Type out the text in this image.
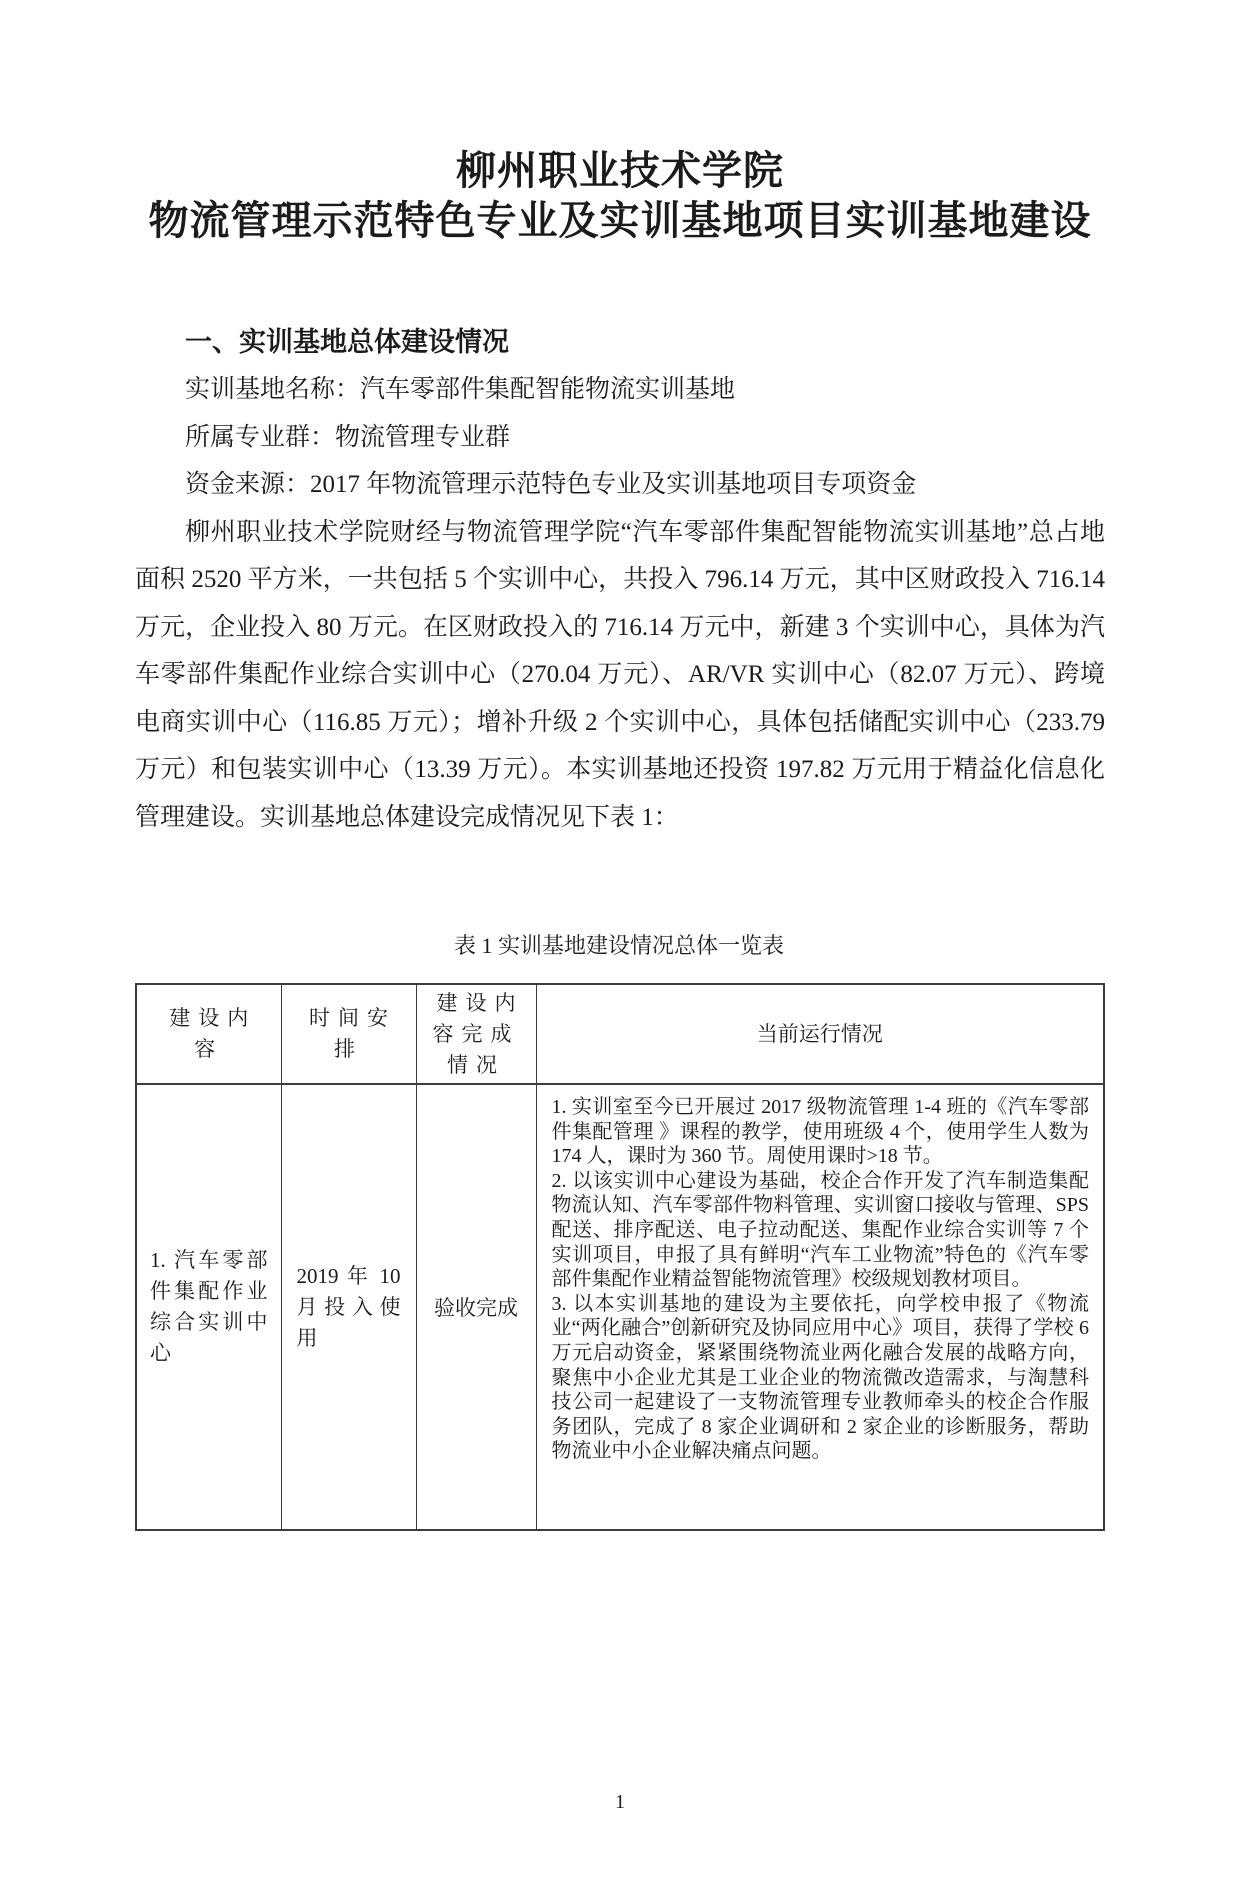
柳州职业技术学院
物流管理示范特色专业及实训基地项目实训基地建设
一、实训基地总体建设情况
实训基地名称：汽车零部件集配智能物流实训基地
所属专业群：物流管理专业群
资金来源：2017 年物流管理示范特色专业及实训基地项目专项资金
柳州职业技术学院财经与物流管理学院“汽车零部件集配智能物流实训基地”总占地面积 2520 平方米，一共包括 5 个实训中心，共投入 796.14 万元，其中区财政投入 716.14 万元，企业投入 80 万元。在区财政投入的 716.14 万元中，新建 3 个实训中心，具体为汽车零部件集配作业综合实训中心（270.04 万元）、AR/VR 实训中心（82.07 万元）、跨境电商实训中心（116.85 万元）；增补升级 2 个实训中心，具体包括储配实训中心（233.79 万元）和包装实训中心（13.39 万元）。本实训基地还投资 197.82 万元用于精益化信息化管理建设。实训基地总体建设完成情况见下表 1：
表 1 实训基地建设情况总体一览表
建设内容	时间安排	建设内容完成情况	当前运行情况
1. 汽车零部件集配作业综合实训中心	2019 年 10 月投入使用	验收完成	1. 实训室至今已开展过 2017 级物流管理 1-4 班的《汽车零部件集配管理 》课程的教学，使用班级 4 个，使用学生人数为 174 人，课时为 360 节。周使用课时>18 节。
2. 以该实训中心建设为基础，校企合作开发了汽车制造集配物流认知、汽车零部件物料管理、实训窗口接收与管理、SPS 配送、排序配送、电子拉动配送、集配作业综合实训等 7 个实训项目，申报了具有鲜明“汽车工业物流”特色的《汽车零部件集配作业精益智能物流管理》校级规划教材项目。
3. 以本实训基地的建设为主要依托，向学校申报了《物流业“两化融合”创新研究及协同应用中心》项目，获得了学校 6 万元启动资金，紧紧围绕物流业两化融合发展的战略方向，聚焦中小企业尤其是工业企业的物流微改造需求，与淘慧科技公司一起建设了一支物流管理专业教师牵头的校企合作服务团队，完成了 8 家企业调研和 2 家企业的诊断服务，帮助物流业中小企业解决痛点问题。
1
